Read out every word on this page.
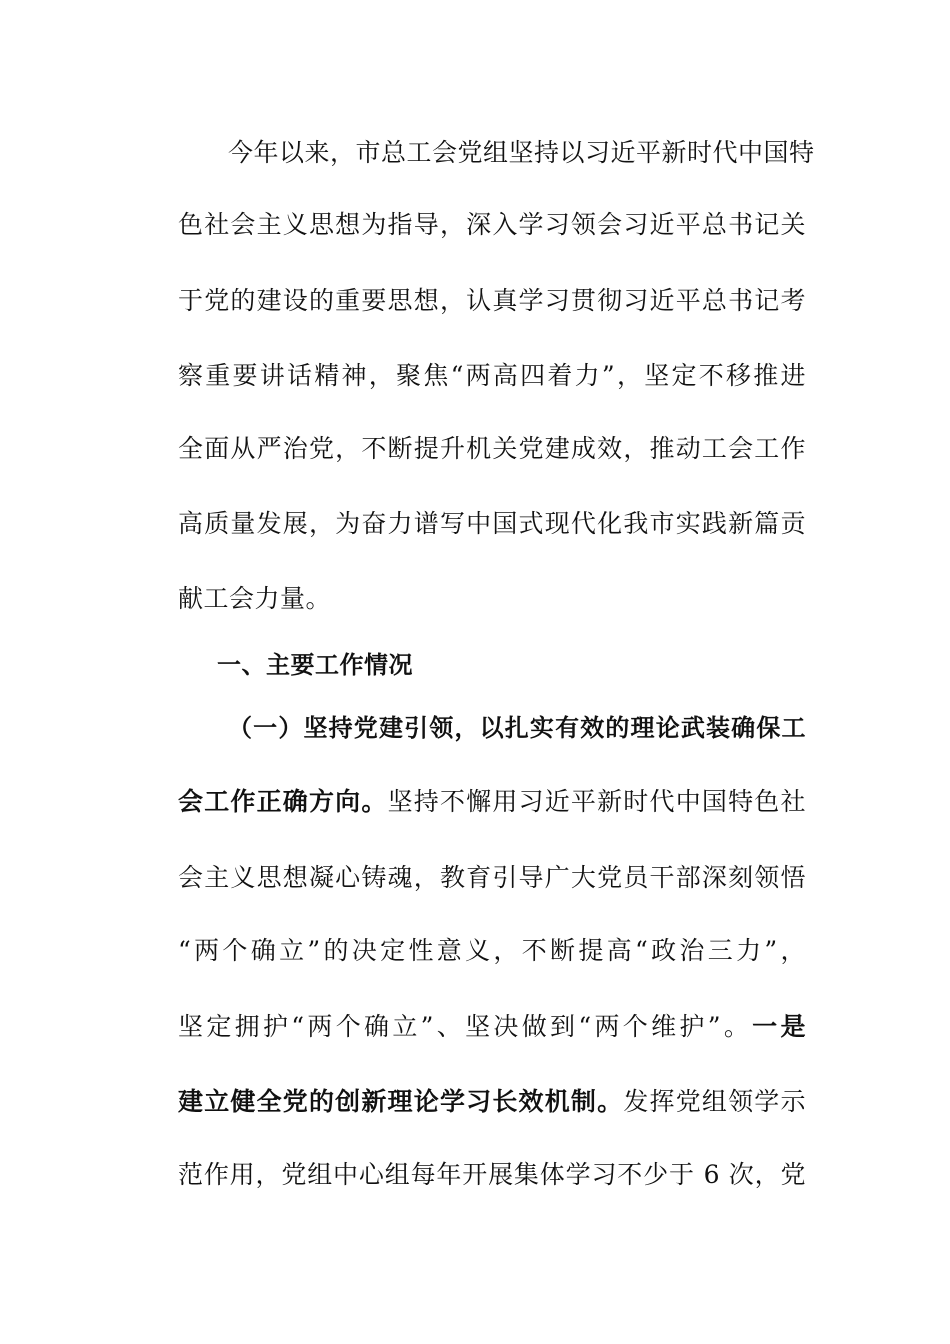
今年以来，市总工会党组坚持以习近平新时代中国特
色社会主义思想为指导，深入学习领会习近平总书记关
于党的建设的重要思想，认真学习贯彻习近平总书记考
察重要讲话精神，聚焦“两高四着力”，坚定不移推进
全面从严治党，不断提升机关党建成效，推动工会工作
高质量发展，为奋力谱写中国式现代化我市实践新篇贡
献工会力量。
一、主要工作情况
（一）坚持党建引领，以扎实有效的理论武装确保工
会工作正确方向。坚持不懈用习近平新时代中国特色社
会主义思想凝心铸魂，教育引导广大党员干部深刻领悟
“两个确立”的决定性意义，不断提高“政治三力”，
坚定拥护“两个确立”、坚决做到“两个维护”。一是
建立健全党的创新理论学习长效机制。发挥党组领学示
范作用，党组中心组每年开展集体学习不少于 6 次，党
